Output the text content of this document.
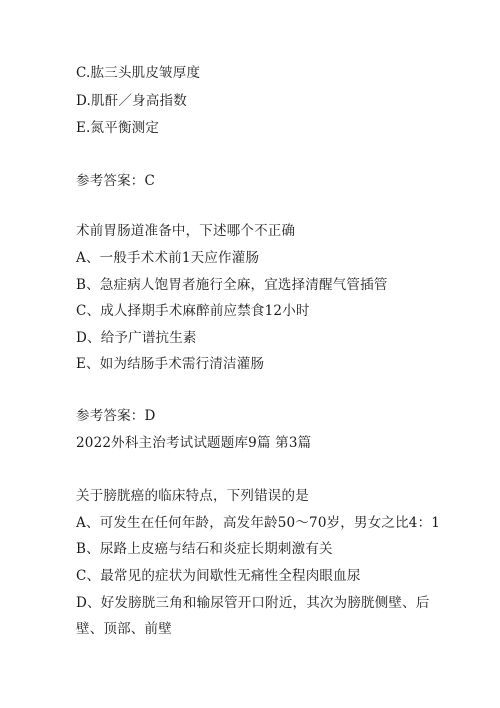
C.肱三头肌皮皱厚度
D.肌酐／身高指数
E.氮平衡测定
参考答案：C
术前胃肠道准备中，下述哪个不正确
A、一般手术术前1天应作灌肠
B、急症病人饱胃者施行全麻，宜选择清醒气管插管
C、成人择期手术麻醉前应禁食12小时
D、给予广谱抗生素
E、如为结肠手术需行清洁灌肠
参考答案：D
2022外科主治考试试题题库9篇 第3篇
关于膀胱癌的临床特点，下列错误的是
A、可发生在任何年龄，高发年龄50～70岁，男女之比4：1
B、尿路上皮癌与结石和炎症长期刺激有关
C、最常见的症状为间歇性无痛性全程肉眼血尿
D、好发膀胱三角和输尿管开口附近，其次为膀胱侧壁、后
壁、顶部、前壁
